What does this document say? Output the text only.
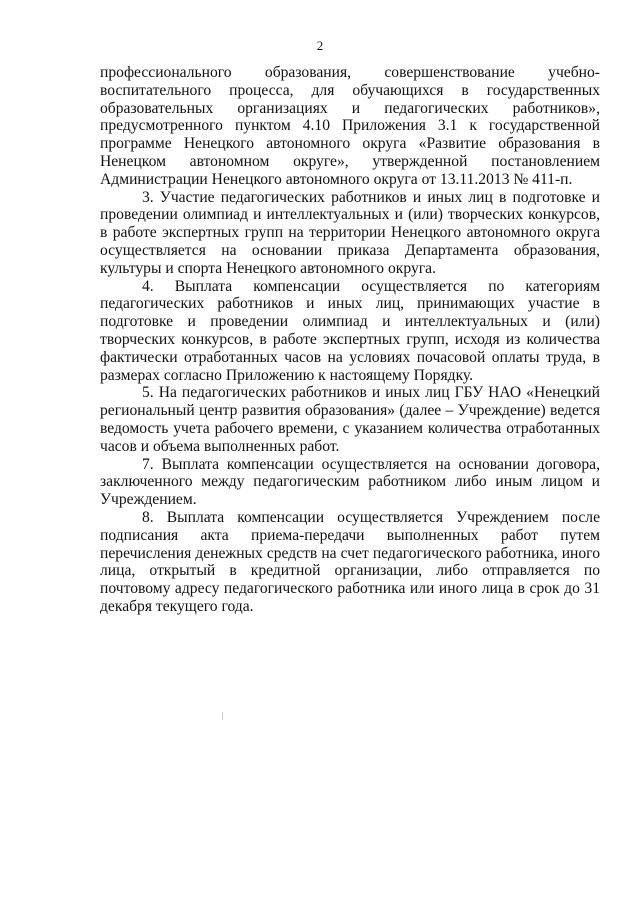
2

профессионального образования, совершенствование учебно-воспитательного процесса, для обучающихся в государственных образовательных организациях и педагогических работников», предусмотренного пунктом 4.10 Приложения 3.1 к государственной программе Ненецкого автономного округа «Развитие образования в Ненецком автономном округе», утвержденной постановлением Администрации Ненецкого автономного округа от 13.11.2013 № 411-п.

3. Участие педагогических работников и иных лиц в подготовке и проведении олимпиад и интеллектуальных и (или) творческих конкурсов, в работе экспертных групп на территории Ненецкого автономного округа осуществляется на основании приказа Департамента образования, культуры и спорта Ненецкого автономного округа.

4. Выплата компенсации осуществляется по категориям педагогических работников и иных лиц, принимающих участие в подготовке и проведении олимпиад и интеллектуальных и (или) творческих конкурсов, в работе экспертных групп, исходя из количества фактически отработанных часов на условиях почасовой оплаты труда, в размерах согласно Приложению к настоящему Порядку.

5. На педагогических работников и иных лиц ГБУ НАО «Ненецкий региональный центр развития образования» (далее – Учреждение) ведется ведомость учета рабочего времени, с указанием количества отработанных часов и объема выполненных работ.

7. Выплата компенсации осуществляется на основании договора, заключенного между педагогическим работником либо иным лицом и Учреждением.

8. Выплата компенсации осуществляется Учреждением после подписания акта приема-передачи выполненных работ путем перечисления денежных средств на счет педагогического работника, иного лица, открытый в кредитной организации, либо отправляется по почтовому адресу педагогического работника или иного лица в срок до 31 декабря текущего года.
